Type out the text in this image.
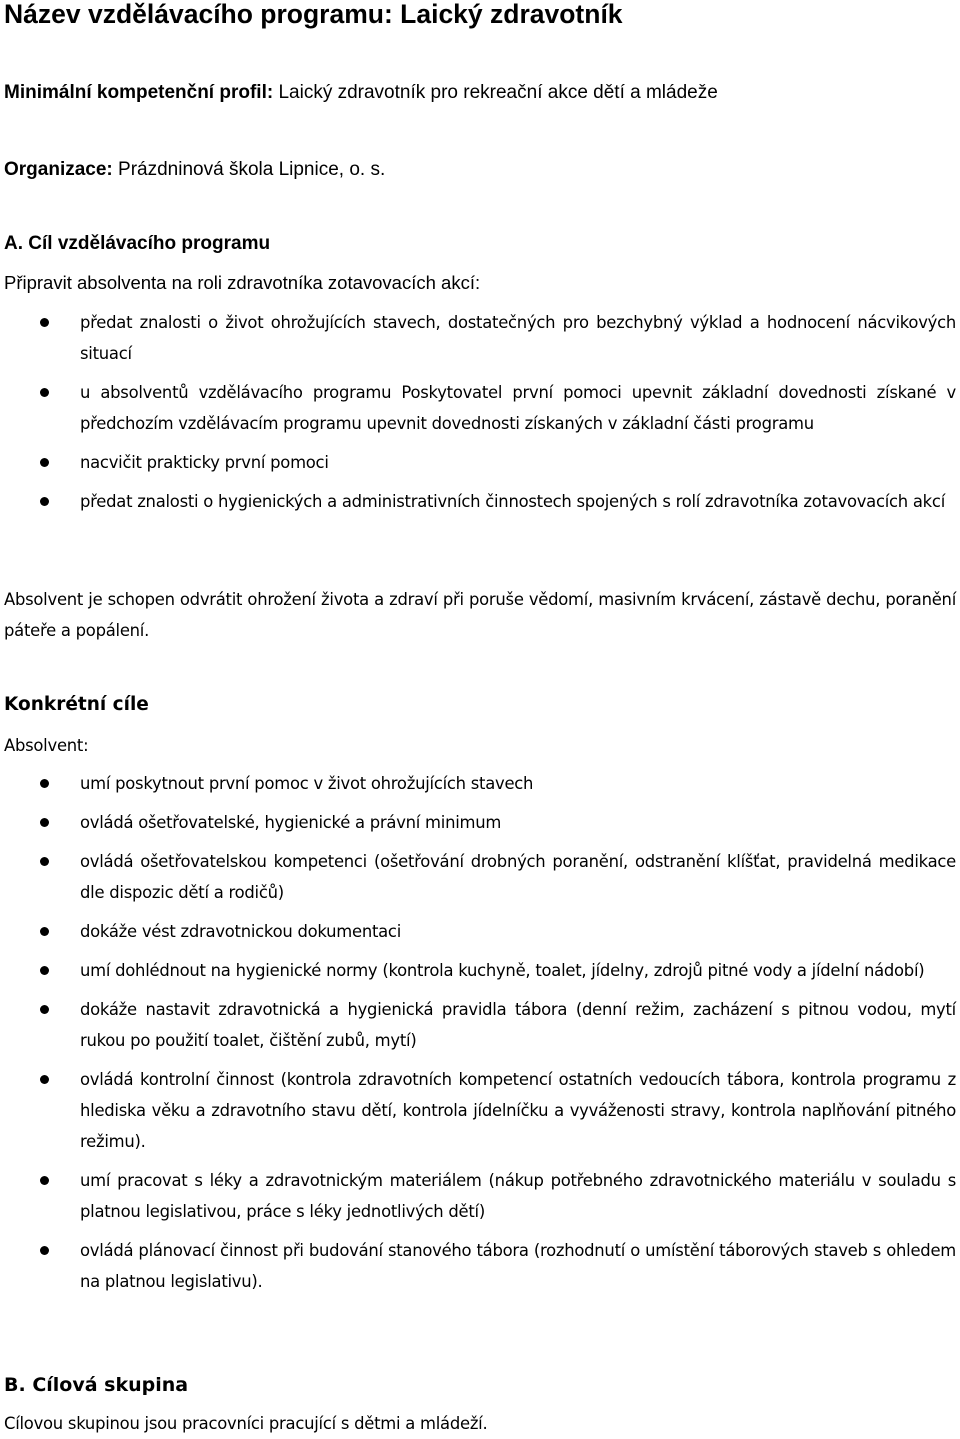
Název vzdělávacího programu: Laický zdravotník
Minimální kompetenční profil: Laický zdravotník pro rekreační akce dětí a mládeže
Organizace: Prázdninová škola Lipnice, o. s.
A. Cíl vzdělávacího programu
Připravit absolventa na roli zdravotníka zotavovacích akcí:
předat znalosti o život ohrožujících stavech, dostatečných pro bezchybný výklad a hodnocení nácvikových situací
u absolventů vzdělávacího programu Poskytovatel první pomoci upevnit základní dovednosti získané v předchozím vzdělávacím programu upevnit dovednosti získaných v základní části programu
nacvičit prakticky první pomoci
předat znalosti o hygienických a administrativních činnostech spojených s rolí zdravotníka zotavovacích akcí
Absolvent je schopen odvrátit ohrožení života a zdraví při poruše vědomí, masivním krvácení, zástavě dechu, poranění páteře a popálení.
Konkrétní cíle
Absolvent:
umí poskytnout první pomoc v život ohrožujících stavech
ovládá ošetřovatelské, hygienické a právní minimum
ovládá ošetřovatelskou kompetenci (ošetřování drobných poranění, odstranění klíšťat, pravidelná medikace dle dispozic dětí a rodičů)
dokáže vést zdravotnickou dokumentaci
umí dohlédnout na hygienické normy (kontrola kuchyně, toalet, jídelny, zdrojů pitné vody a jídelní nádobí)
dokáže nastavit zdravotnická a hygienická pravidla tábora (denní režim, zacházení s pitnou vodou, mytí rukou po použití toalet, čištění zubů, mytí)
ovládá kontrolní činnost (kontrola zdravotních kompetencí ostatních vedoucích tábora, kontrola programu z hlediska věku a zdravotního stavu dětí, kontrola jídelníčku a vyváženosti stravy, kontrola naplňování pitného režimu).
umí pracovat s léky a zdravotnickým materiálem (nákup potřebného zdravotnického materiálu v souladu s platnou legislativou, práce s léky jednotlivých dětí)
ovládá plánovací činnost při budování stanového tábora (rozhodnutí o umístění táborových staveb s ohledem na platnou legislativu).
B. Cílová skupina
Cílovou skupinou jsou pracovníci pracující s dětmi a mládeží.
